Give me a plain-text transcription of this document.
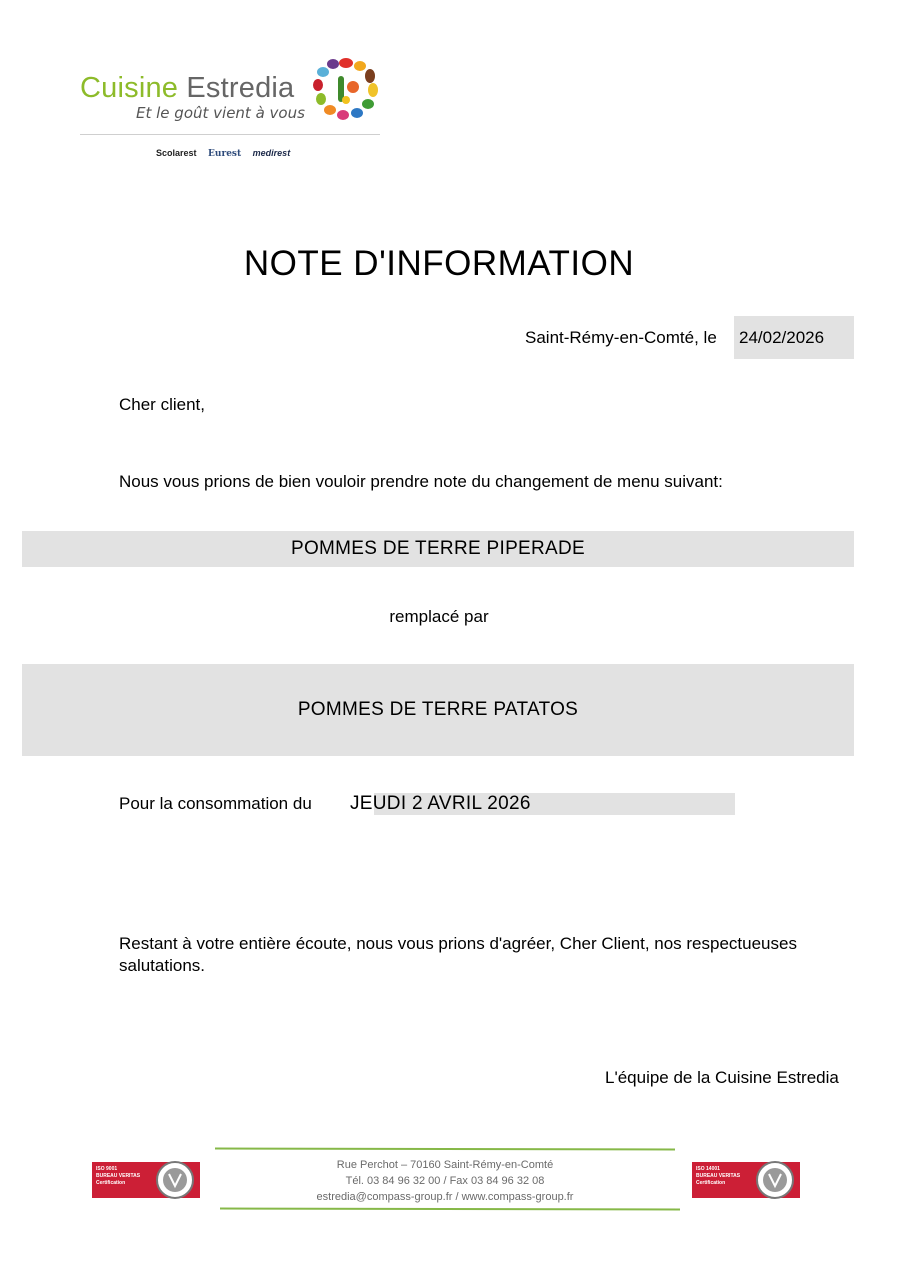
Cuisine Estredia
Et le goût vient à vous
Scolarest Eurest medirest
NOTE D'INFORMATION
Saint-Rémy-en-Comté, le 24/02/2026
Cher client,
Nous vous prions de bien vouloir prendre note du changement de menu suivant:
POMMES DE TERRE PIPERADE
remplacé par
POMMES DE TERRE PATATOS
Pour la consommation du JEUDI 2 AVRIL 2026
Restant à votre entière écoute, nous vous prions d'agréer, Cher Client, nos respectueuses salutations.
L'équipe de la Cuisine Estredia
ISO 9001
BUREAU VERITAS
Certification
Rue Perchot – 70160 Saint-Rémy-en-Comté
Tél. 03 84 96 32 00 / Fax 03 84 96 32 08
estredia@compass-group.fr / www.compass-group.fr
ISO 14001
BUREAU VERITAS
Certification
